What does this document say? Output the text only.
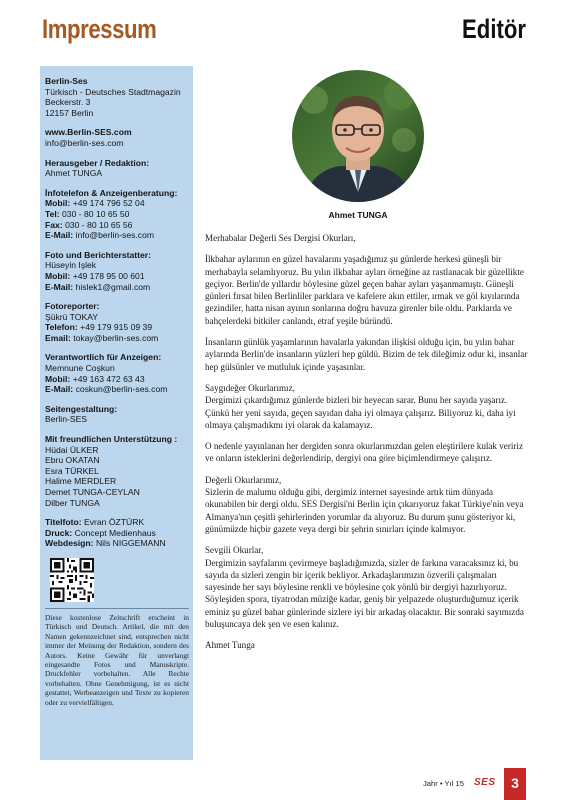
Impressum	Editör
Berlin-Ses
Türkisch - Deutsches Stadtmagazin
Beckerstr. 3
12157 Berlin
www.Berlin-SES.com
info@berlin-ses.com
Herausgeber / Redaktion:
Ahmet TUNGA
İnfotelefon & Anzeigenberatung:
Mobil: +49 174 796 52 04
Tel: 030 - 80 10 65 50
Fax: 030 - 80 10 65 56
E-Mail: info@berlin-ses.com
Foto und Berichterstatter:
Hüseyin Işlek
Mobil: +49 178 95 00 601
E-Mail: hislek1@gmail.com
Fotoreporter:
Şükrü TOKAY
Telefon: +49 179 915 09 39
Email: tokay@berlin-ses.com
Verantwortlich für Anzeigen:
Memnune Coşkun
Mobil: +49 163 472 63 43
E-Mail: coskun@berlin-ses.com
Seitengestaltung:
Berlin-SES
Mit freundlichen Unterstützung :
Hüdai ÜLKER
Ebru OKATAN
Esra TÜRKEL
Halime MERDLER
Demet TUNGA-CEYLAN
Dilber TUNGA
Titelfoto: Evran ÖZTÜRK
Druck: Concept Medienhaus
Webdesign: Nils NIGGEMANN
Diese kostenlose Zeitschrift erscheint in Türkisch und Deutsch. Artikel, die mit den Namen gekennzeichnet sind, entsprechen nicht immer der Meinung der Redaktion, sondern des Autors. Keine Gewähr für unverlangt eingesandte Fotos und Manuskripte. Druckfehler vorbehalten. Alle Rechte vorbehalten. Ohne Genehmigung, ist es nicht gestattet, Werbeanzeigen und Texte zu kopieren oder zu vervielfältigen.
Ahmet TUNGA

Merhabalar Değerli Ses Dergisi Okurları,

İlkbahar aylarının en güzel havalarını yaşadığımız şu günlerde herkesi güneşli bir merhabayla selamlıyoruz. Bu yılın ilkbahar ayları örneğine az rastlanacak bir güzellikte geçiyor. Berlin'de yıllardır böylesine güzel geçen bahar ayları yaşanmamıştı. Güneşli günleri fırsat bilen Berlinliler parklara ve kafelere akın ettiler, ırmak ve göl kıyılarında gezindiler, hatta nisan ayının sonlarına doğru havuza girenler bile oldu. Parklarda ve bahçelerdeki bitkiler canlandı, etraf yeşile büründü.

İnsanların günlük yaşamlarının havalarla yakından ilişkisi olduğu için, bu yılın bahar aylarında Berlin'de insanların yüzleri hep güldü. Bizim de tek dileğimiz odur ki, insanlar hep gülsünler ve mutluluk içinde yaşasınlar.

Saygıdeğer Okurlarımız,
Dergimizi çıkardığımız günlerde bizleri bir heyecan sarar. Bunu her sayıda yaşarız. Çünkü her yeni sayıda, geçen sayıdan daha iyi olmaya çalışırız. Biliyoruz ki, daha iyi olmaya çalışmadıkmı iyi olarak da kalamayız.

O nedenle yayınlanan her dergiden sonra okurlarımızdan gelen eleştirilere kulak veririz ve onların isteklerini değerlendirip, dergiyi ona göre biçimlendirmeye çalışırız.

Değerli Okurlarımız,
Sizlerin de malumu olduğu gibi, dergimiz internet sayesinde artık tüm dünyada okunabilen bir dergi oldu. SES Dergisi'ni Berlin için çıkarıyoruz fakat Türkiye'nin veya Almanya'nın çeşitli şehirlerinden yorumlar da alıyoruz. Bu durum şunu gösteriyor ki, günümüzde hiçbir gazete veya dergi bir şehrin sınırları içinde kalmıyor.

Sevgili Okurlar,
Dergimizin sayfalarını çevirmeye başladığımızda, sizler de farkına varacaksınız ki, bu sayıda da sizleri zengin bir içerik bekliyor. Arkadaşlarımızın özverili çalışmaları sayesinde her sayı böylesine renkli ve böylesine çok yönlü bir dergiyi hazırlıyoruz. Söyleşiden spora, tiyatrodan müziğe kadar, geniş bir yelpazede oluşturduğumuz içerik eminiz şu güzel bahar günlerinde sizlere iyi bir arkadaş olacaktır. Bir sonraki sayımızda buluşuncaya dek şen ve esen kalınız.

Ahmet Tunga

Jahr • Yıl 15 SES	3
